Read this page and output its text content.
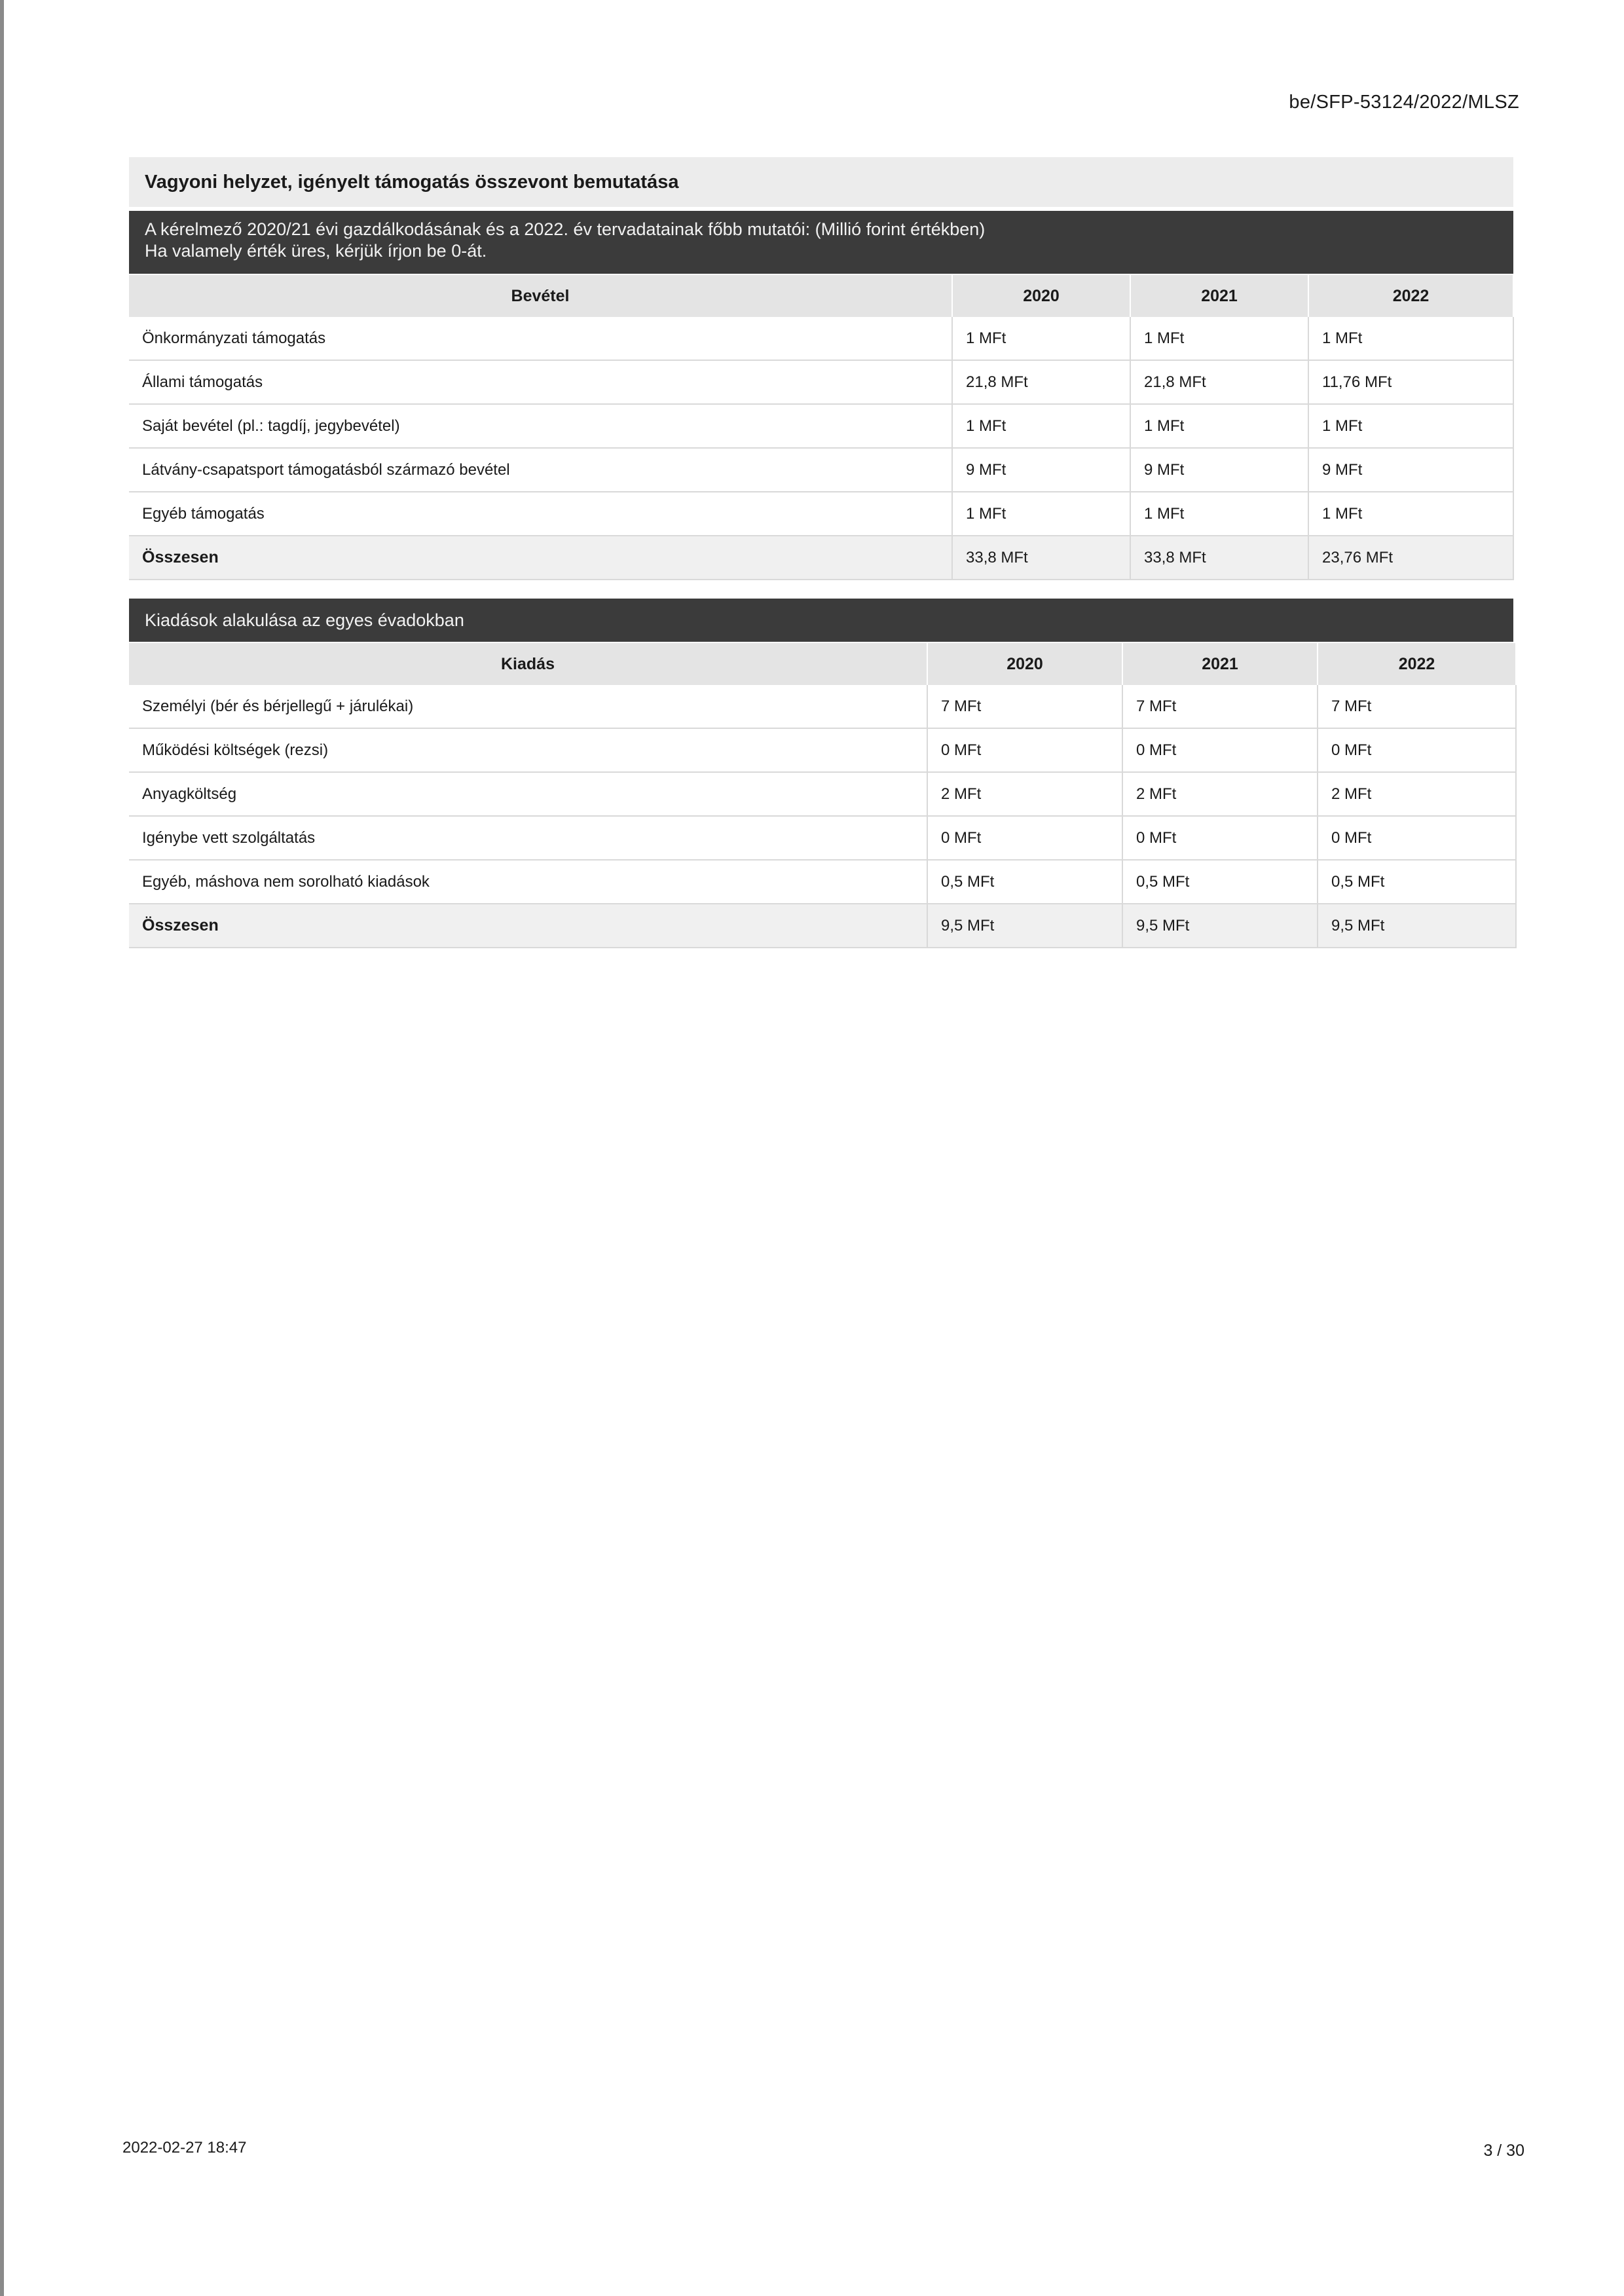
be/SFP-53124/2022/MLSZ
Vagyoni helyzet, igényelt támogatás összevont bemutatása
A kérelmező 2020/21 évi gazdálkodásának és a 2022. év tervadatainak főbb mutatói: (Millió forint értékben)
Ha valamely érték üres, kérjük írjon be 0-át.
Bevétel	2020	2021	2022
Önkormányzati támogatás	1 MFt	1 MFt	1 MFt
Állami támogatás	21,8 MFt	21,8 MFt	11,76 MFt
Saját bevétel (pl.: tagdíj, jegybevétel)	1 MFt	1 MFt	1 MFt
Látvány-csapatsport támogatásból származó bevétel	9 MFt	9 MFt	9 MFt
Egyéb támogatás	1 MFt	1 MFt	1 MFt
Összesen	33,8 MFt	33,8 MFt	23,76 MFt
Kiadások alakulása az egyes évadokban
Kiadás	2020	2021	2022
Személyi (bér és bérjellegű + járulékai)	7 MFt	7 MFt	7 MFt
Működési költségek (rezsi)	0 MFt	0 MFt	0 MFt
Anyagköltség	2 MFt	2 MFt	2 MFt
Igénybe vett szolgáltatás	0 MFt	0 MFt	0 MFt
Egyéb, máshova nem sorolható kiadások	0,5 MFt	0,5 MFt	0,5 MFt
Összesen	9,5 MFt	9,5 MFt	9,5 MFt
2022-02-27 18:47	3 / 30
